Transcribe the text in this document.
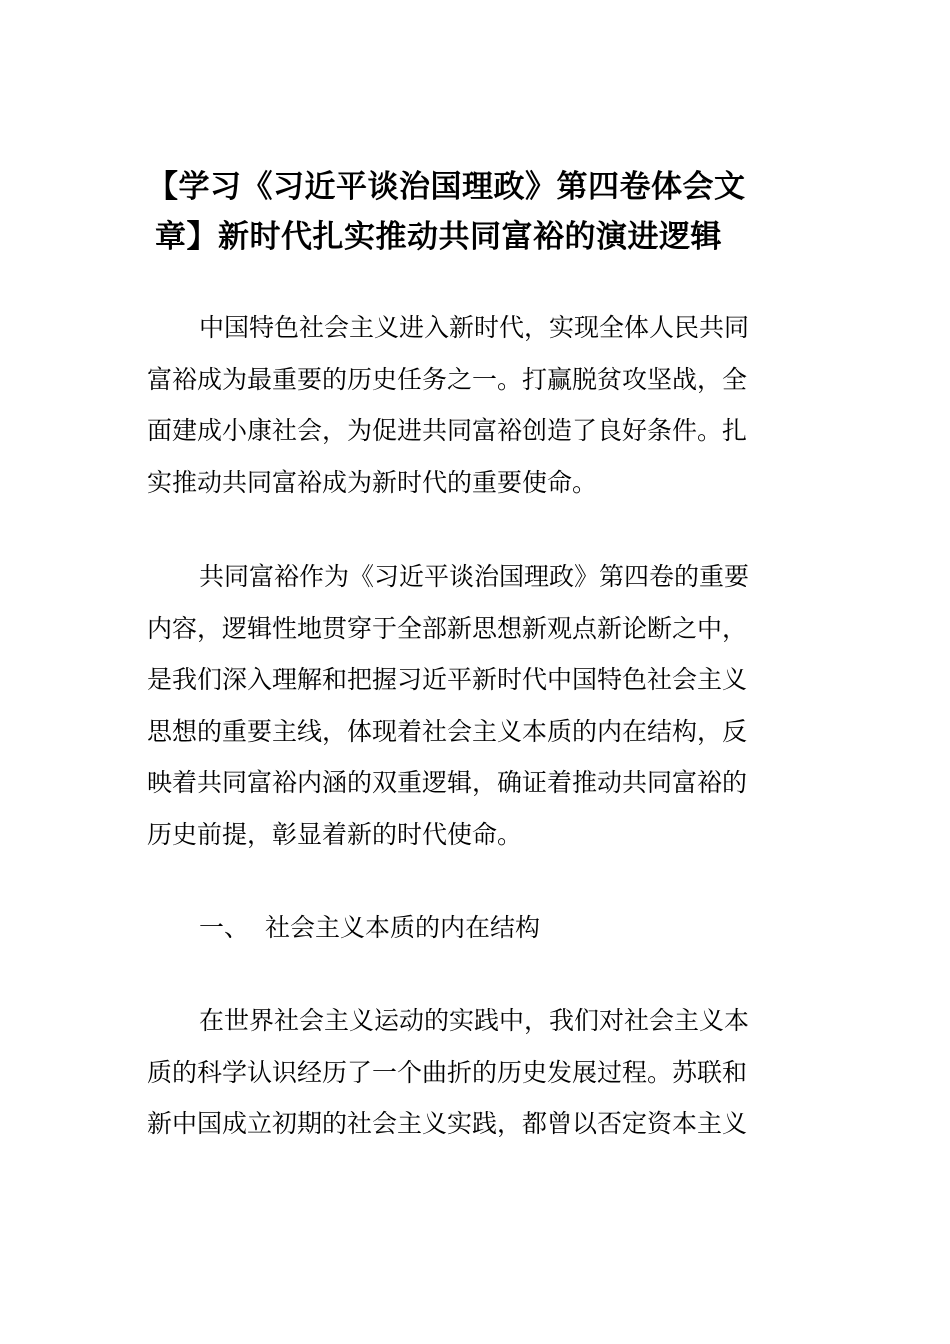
【学习《习近平谈治国理政》第四卷体会文
章】新时代扎实推动共同富裕的演进逻辑

中国特色社会主义进入新时代，实现全体人民共同
富裕成为最重要的历史任务之一。打赢脱贫攻坚战，全
面建成小康社会，为促进共同富裕创造了良好条件。扎
实推动共同富裕成为新时代的重要使命。

共同富裕作为《习近平谈治国理政》第四卷的重要
内容，逻辑性地贯穿于全部新思想新观点新论断之中，
是我们深入理解和把握习近平新时代中国特色社会主义
思想的重要主线，体现着社会主义本质的内在结构，反
映着共同富裕内涵的双重逻辑，确证着推动共同富裕的
历史前提，彰显着新的时代使命。

一、 社会主义本质的内在结构

在世界社会主义运动的实践中，我们对社会主义本
质的科学认识经历了一个曲折的历史发展过程。苏联和
新中国成立初期的社会主义实践，都曾以否定资本主义
